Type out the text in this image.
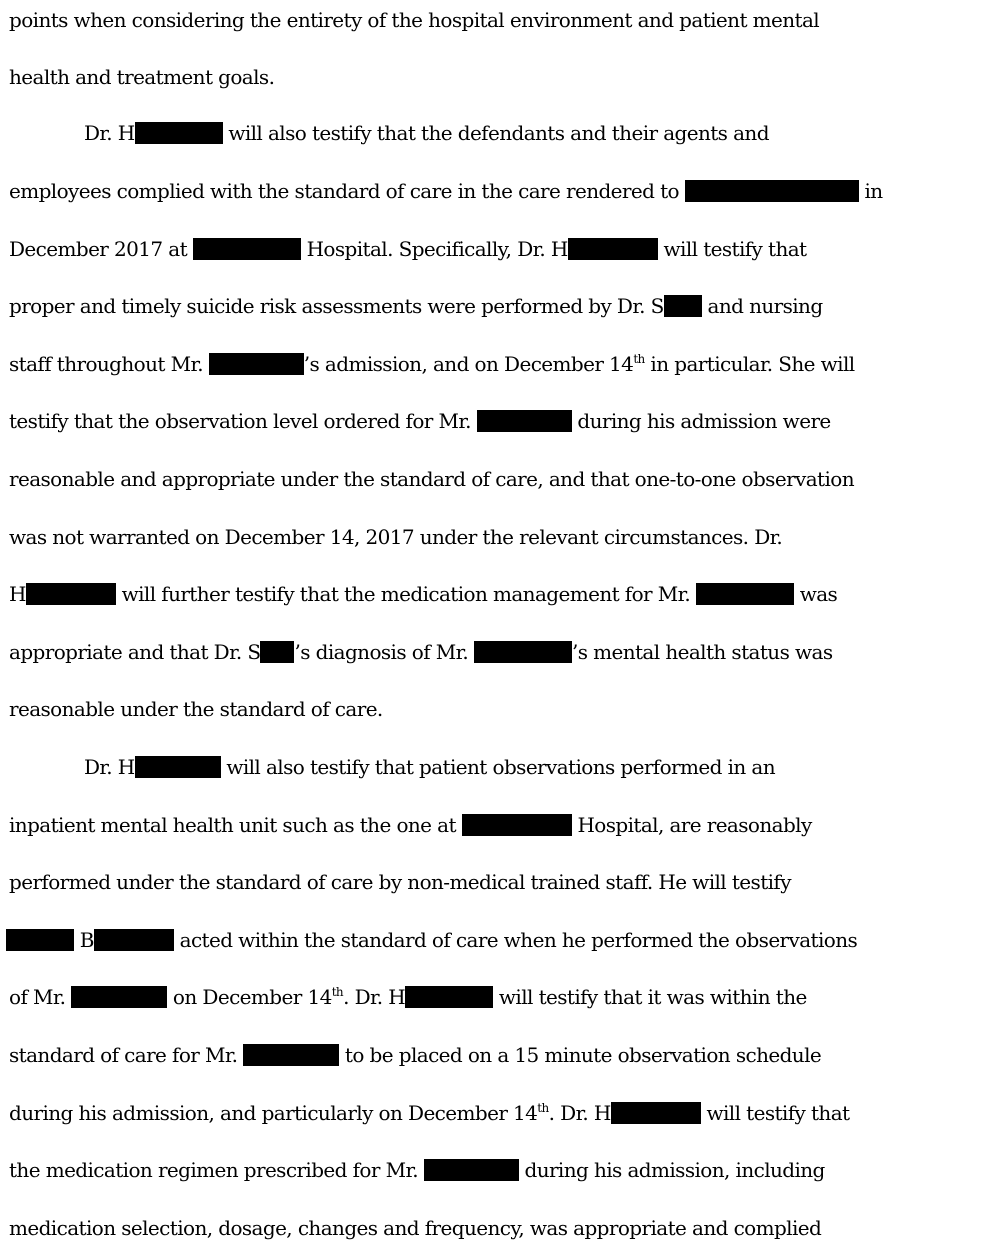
points when considering the entirety of the hospital environment and patient mental
health and treatment goals.
Dr. H	will also testify that the defendants and their agents and
employees complied with the standard of care in the care rendered to	in
December 2017 at	Hospital. Specifically, Dr. H	will testify that
proper and timely suicide risk assessments were performed by Dr. S and nursing
staff throughout Mr.	’s admission, and on December 14th in particular. She will
testify that the observation level ordered for Mr.	during his admission were
reasonable and appropriate under the standard of care, and that one-to-one observation
was not warranted on December 14, 2017 under the relevant circumstances. Dr.
H	will further testify that the medication management for Mr.	was
appropriate and that Dr. S ’s diagnosis of Mr.	’s mental health status was
reasonable under the standard of care.
Dr. H	will also testify that patient observations performed in an
inpatient mental health unit such as the one at	Hospital, are reasonably
performed under the standard of care by non-medical trained staff. He will testify
B	acted within the standard of care when he performed the observations
of Mr.	on December 14th. Dr. H	will testify that it was within the
standard of care for Mr.	to be placed on a 15 minute observation schedule
during his admission, and particularly on December 14th. Dr. H	will testify that
the medication regimen prescribed for Mr.	during his admission, including
medication selection, dosage, changes and frequency, was appropriate and complied
